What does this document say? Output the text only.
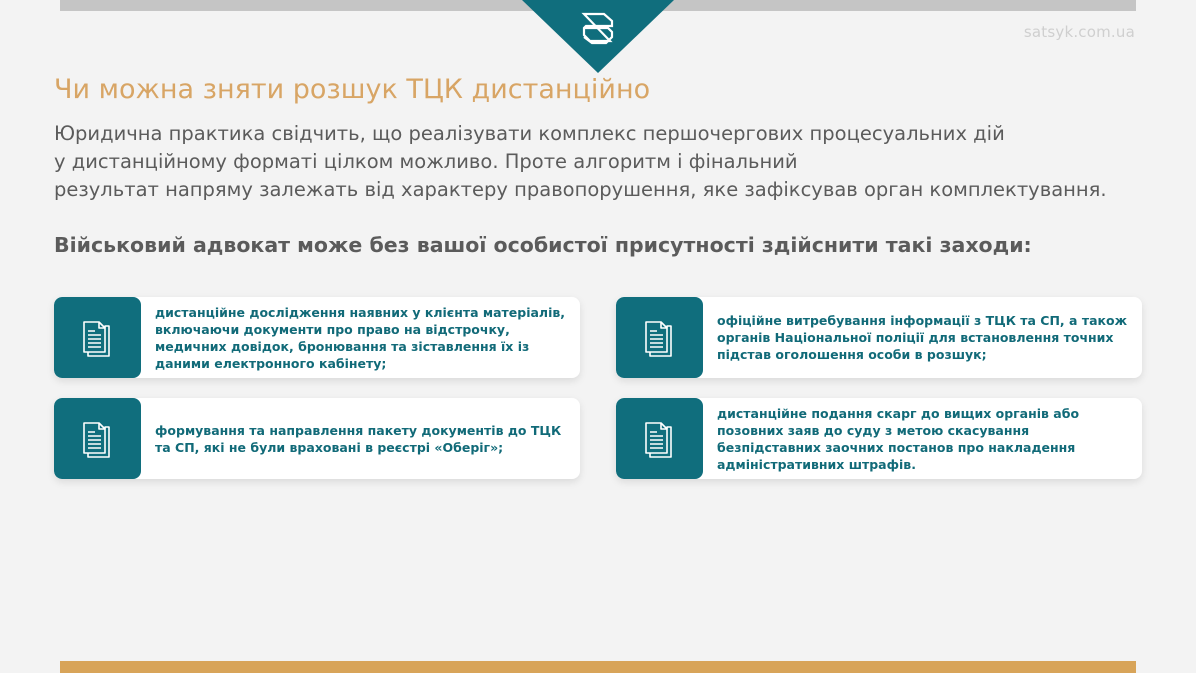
satsyk.com.ua
Чи можна зняти розшук ТЦК дистанційно
Юридична практика свідчить, що реалізувати комплекс першочергових процесуальних дій
у дистанційному форматі цілком можливо. Проте алгоритм і фінальний
результат напряму залежать від характеру правопорушення, яке зафіксував орган комплектування.
Військовий адвокат може без вашої особистої присутності здійснити такі заходи:
дистанційне дослідження наявних у клієнта матеріалів, включаючи документи про право на відстрочку, медичних довідок, бронювання та зіставлення їх із даними електронного кабінету;
офіційне витребування інформації з ТЦК та СП, а також органів Національної поліції для встановлення точних підстав оголошення особи в розшук;
формування та направлення пакету документів до ТЦК та СП, які не були враховані в реєстрі «Оберіг»;
дистанційне подання скарг до вищих органів або позовних заяв до суду з метою скасування безпідставних заочних постанов про накладення адміністративних штрафів.
